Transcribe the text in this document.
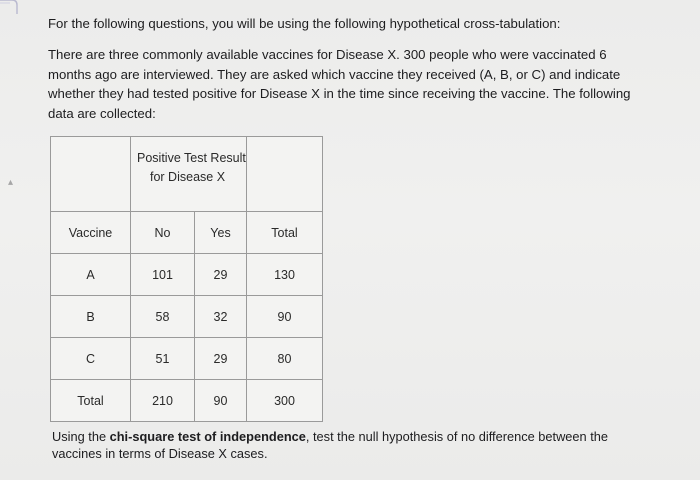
▴

For the following questions, you will be using the following hypothetical cross-tabulation:

There are three commonly available vaccines for Disease X. 300 people who were vaccinated 6 months ago are interviewed. They are asked which vaccine they received (A, B, or C) and indicate whether they had tested positive for Disease X in the time since receiving the vaccine. The following data are collected:

	Positive Test Result
for Disease X		

Vaccine	No	Yes	Total
A	101	29	130
B	58	32	90
C	51	29	80
Total	210	90	300

Using the chi-square test of independence, test the null hypothesis of no difference between the vaccines in terms of Disease X cases.
